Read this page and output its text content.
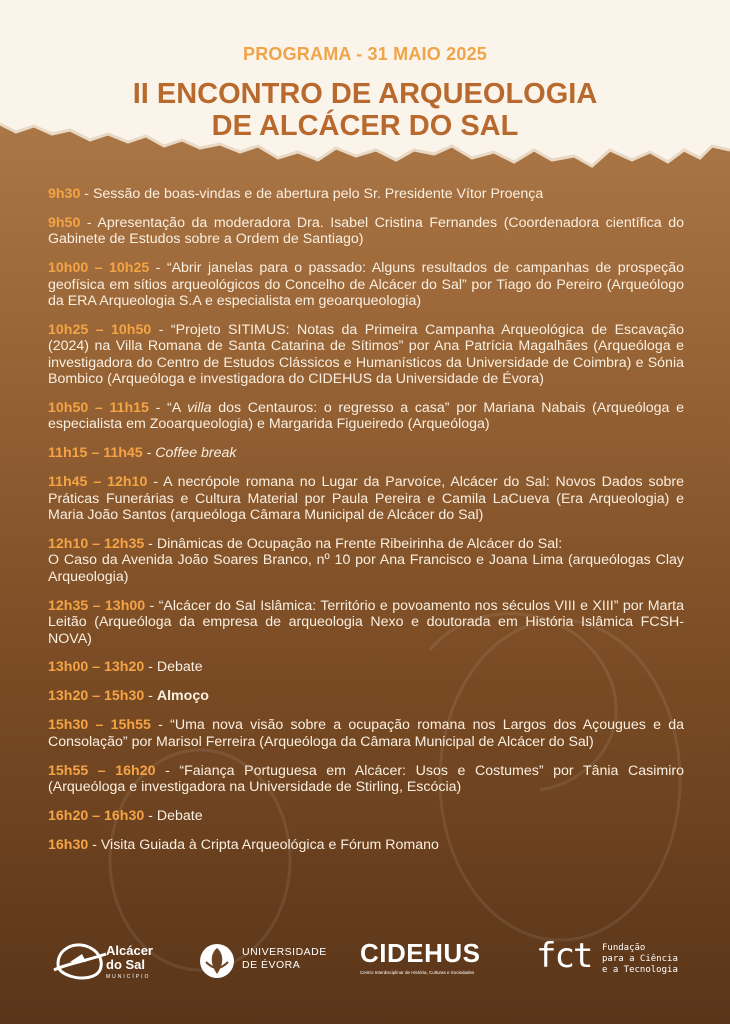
PROGRAMA - 31 MAIO 2025
II ENCONTRO DE ARQUEOLOGIA
DE ALCÁCER DO SAL
9h30 - Sessão de boas-vindas e de abertura pelo Sr. Presidente Vítor Proença
9h50 - Apresentação da moderadora Dra. Isabel Cristina Fernandes (Coordenadora científica do Gabinete de Estudos sobre a Ordem de Santiago)
10h00 – 10h25 - “Abrir janelas para o passado: Alguns resultados de campanhas de prospeção geofísica em sítios arqueológicos do Concelho de Alcácer do Sal” por Tiago do Pereiro (Arqueólogo da ERA Arqueologia S.A e especialista em geoarqueologia)
10h25 – 10h50 - “Projeto SITIMUS: Notas da Primeira Campanha Arqueológica de Escavação (2024) na Villa Romana de Santa Catarina de Sítimos” por Ana Patrícia Magalhães (Arqueóloga e investigadora do Centro de Estudos Clássicos e Humanísticos da Universidade de Coimbra) e Sónia Bombico (Arqueóloga e investigadora do CIDEHUS da Universidade de Évora)
10h50 – 11h15 - “A villa dos Centauros: o regresso a casa” por Mariana Nabais (Arqueóloga e especialista em Zooarqueologia) e Margarida Figueiredo (Arqueóloga)
11h15 – 11h45 - Coffee break
11h45 – 12h10 - A necrópole romana no Lugar da Parvoíce, Alcácer do Sal: Novos Dados sobre Práticas Funerárias e Cultura Material por Paula Pereira e Camila LaCueva (Era Arqueologia) e Maria João Santos (arqueóloga Câmara Municipal de Alcácer do Sal)
12h10 – 12h35 - Dinâmicas de Ocupação na Frente Ribeirinha de Alcácer do Sal:
O Caso da Avenida João Soares Branco, nº 10 por Ana Francisco e Joana Lima (arqueólogas Clay Arqueologia)
12h35 – 13h00 - “Alcácer do Sal Islâmica: Território e povoamento nos séculos VIII e XIII” por Marta Leitão (Arqueóloga da empresa de arqueologia Nexo e doutorada em História Islâmica FCSH-NOVA)
13h00 – 13h20 - Debate
13h20 – 15h30 - Almoço
15h30 – 15h55 - “Uma nova visão sobre a ocupação romana nos Largos dos Açougues e da Consolação” por Marisol Ferreira (Arqueóloga da Câmara Municipal de Alcácer do Sal)
15h55 – 16h20 - “Faiança Portuguesa em Alcácer: Usos e Costumes” por Tânia Casimiro (Arqueóloga e investigadora na Universidade de Stirling, Escócia)
16h20 – 16h30 - Debate
16h30 - Visita Guiada à Cripta Arqueológica e Fórum Romano
Alcácer
do Sal
MUNICÍPIO
UNIVERSIDADE
DE ÉVORA	CIDEHUS
Centro Interdisciplinar de História, Culturas e Sociedades	fct Fundação
para a Ciência
e a Tecnologia
